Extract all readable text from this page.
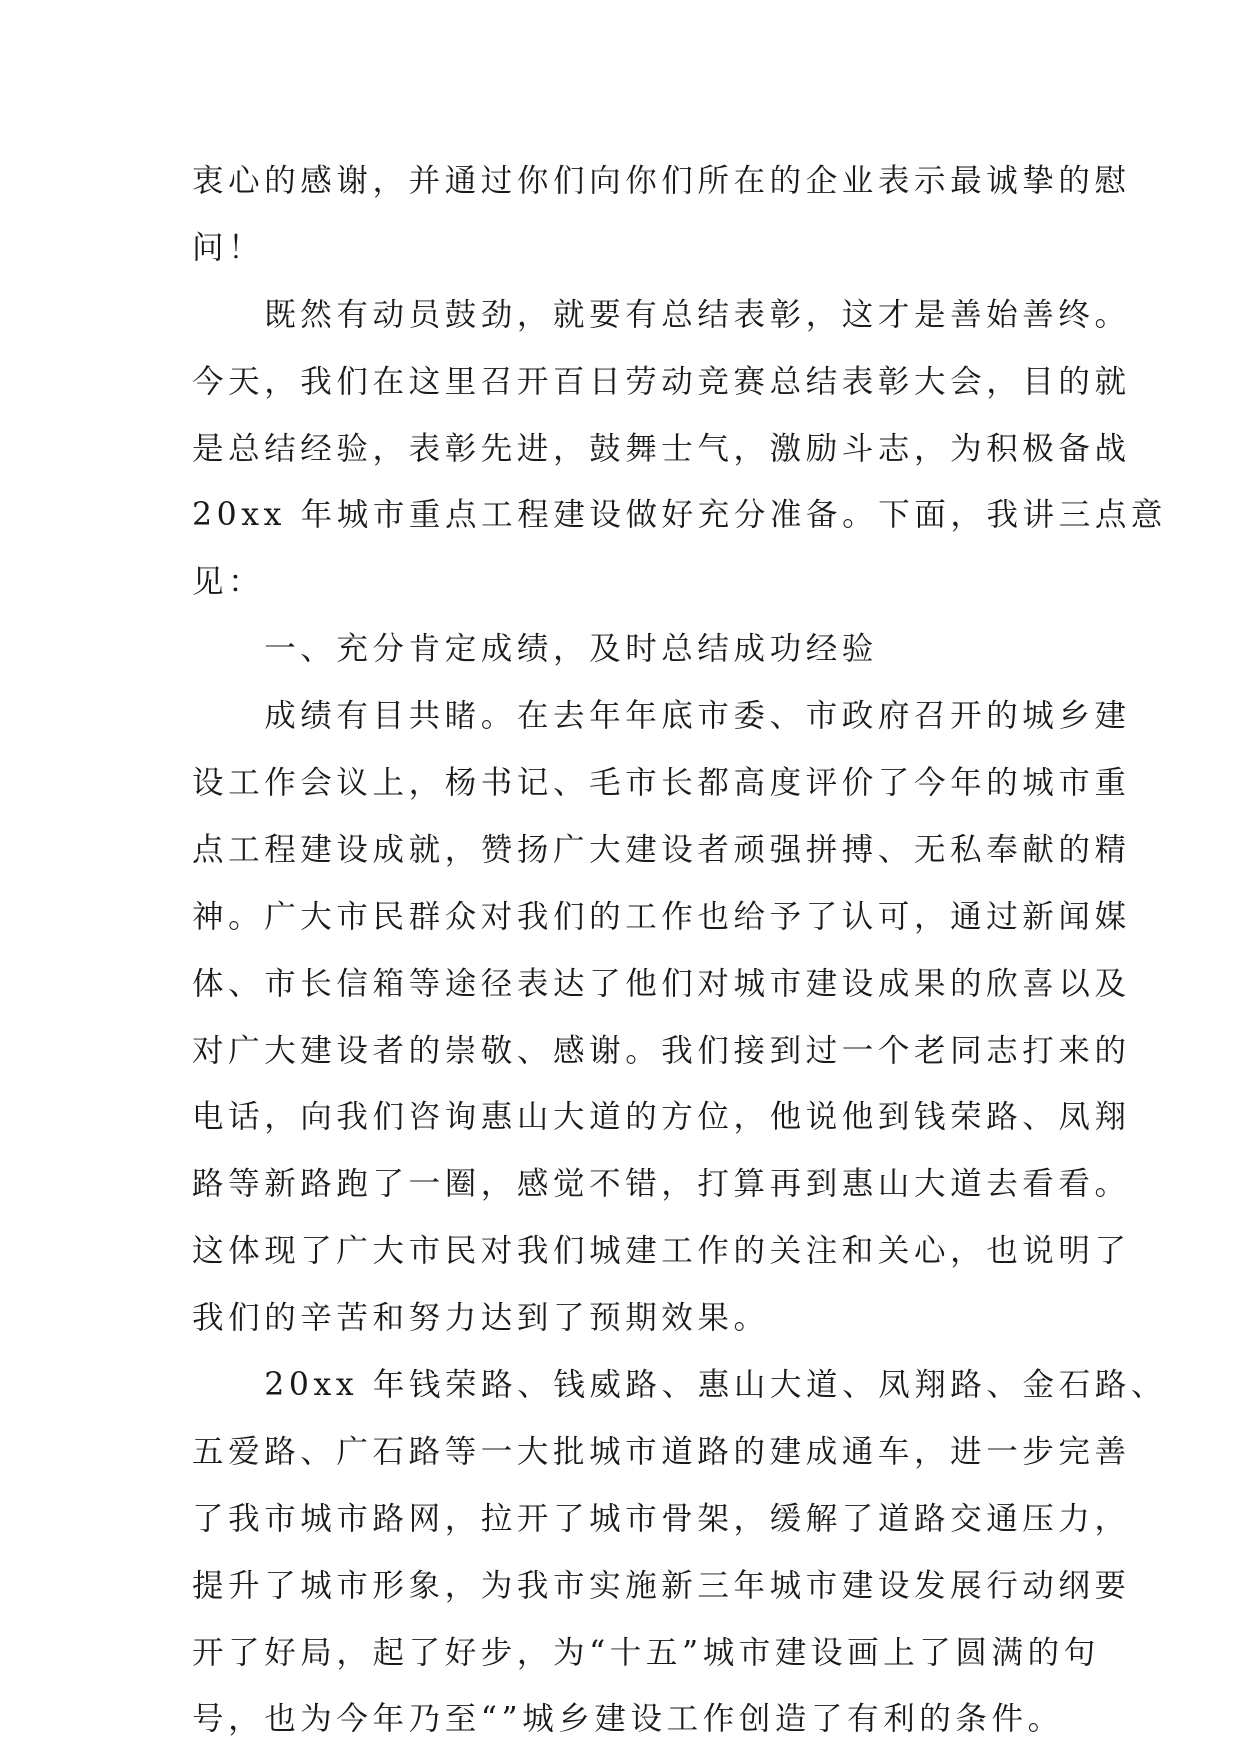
衷心的感谢，并通过你们向你们所在的企业表示最诚挚的慰
问！
　　既然有动员鼓劲，就要有总结表彰，这才是善始善终。
今天，我们在这里召开百日劳动竞赛总结表彰大会，目的就
是总结经验，表彰先进，鼓舞士气，激励斗志，为积极备战
20xx 年城市重点工程建设做好充分准备。下面，我讲三点意
见：
　　一、充分肯定成绩，及时总结成功经验
　　成绩有目共睹。在去年年底市委、市政府召开的城乡建
设工作会议上，杨书记、毛市长都高度评价了今年的城市重
点工程建设成就，赞扬广大建设者顽强拼搏、无私奉献的精
神。广大市民群众对我们的工作也给予了认可，通过新闻媒
体、市长信箱等途径表达了他们对城市建设成果的欣喜以及
对广大建设者的崇敬、感谢。我们接到过一个老同志打来的
电话，向我们咨询惠山大道的方位，他说他到钱荣路、凤翔
路等新路跑了一圈，感觉不错，打算再到惠山大道去看看。
这体现了广大市民对我们城建工作的关注和关心，也说明了
我们的辛苦和努力达到了预期效果。
　　20xx 年钱荣路、钱威路、惠山大道、凤翔路、金石路、
五爱路、广石路等一大批城市道路的建成通车，进一步完善
了我市城市路网，拉开了城市骨架，缓解了道路交通压力，
提升了城市形象，为我市实施新三年城市建设发展行动纲要
开了好局，起了好步，为“十五”城市建设画上了圆满的句
号，也为今年乃至“”城乡建设工作创造了有利的条件。
